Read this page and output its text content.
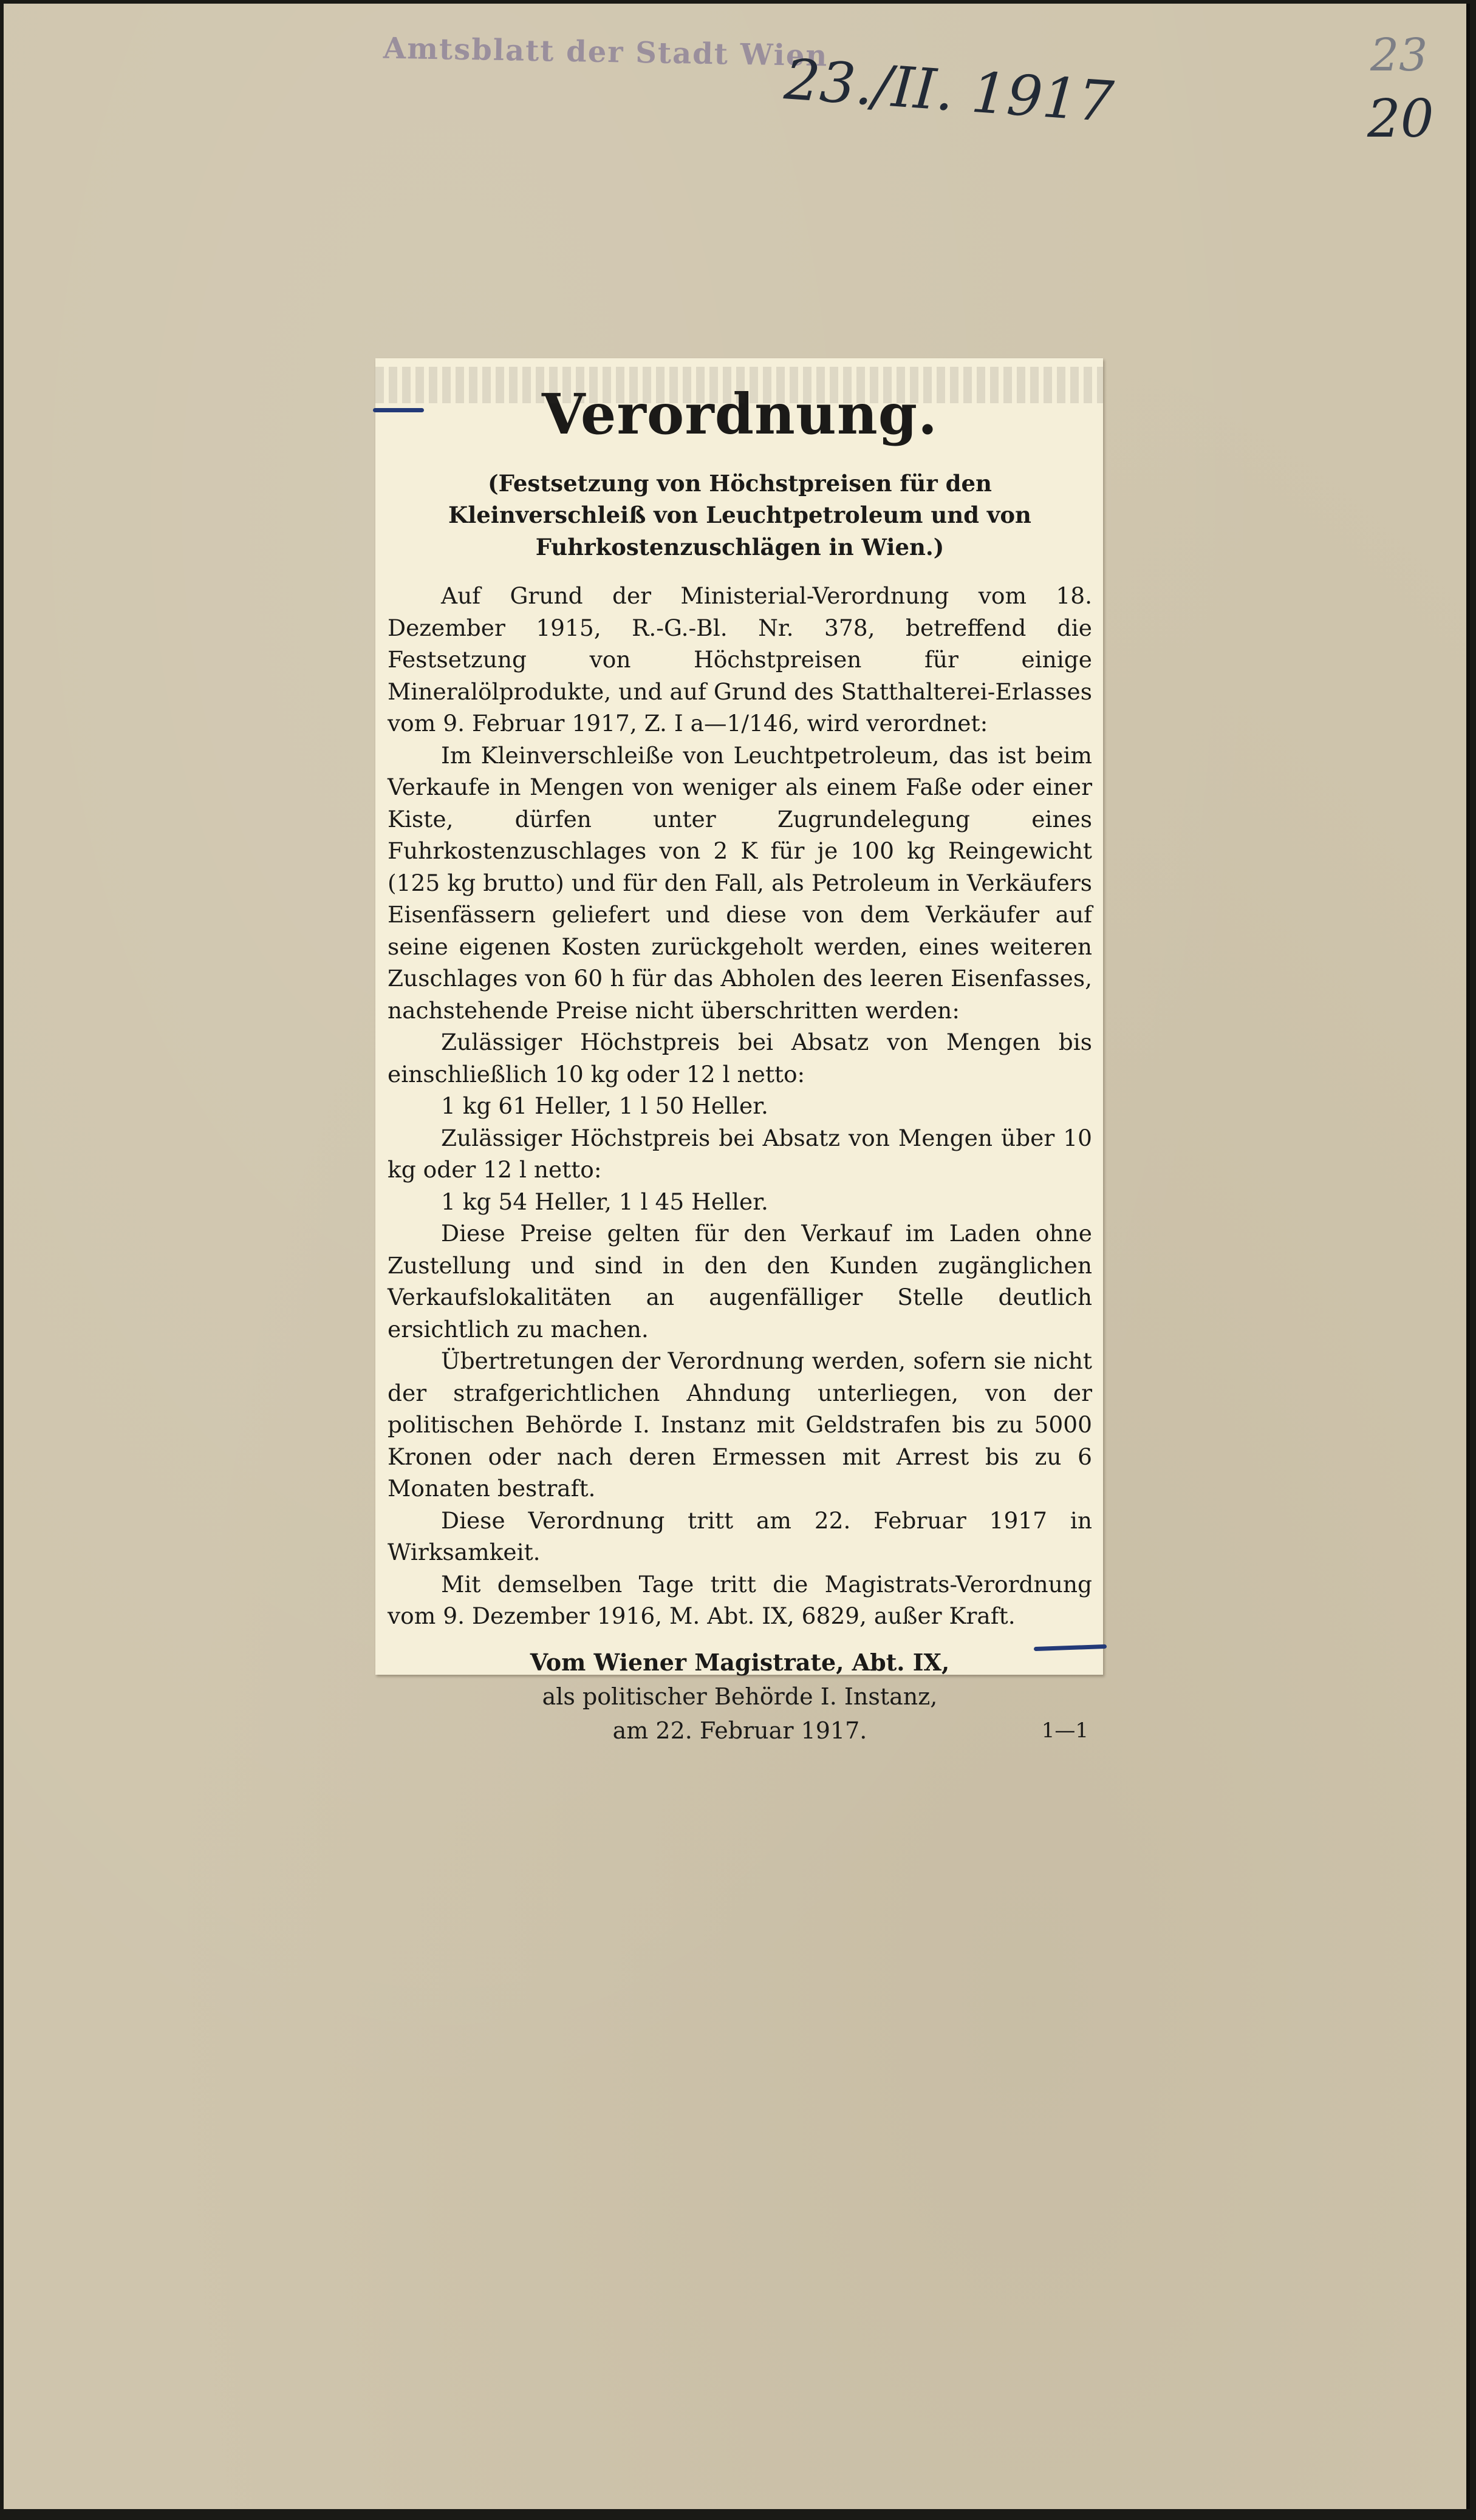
Amtsblatt der Stadt Wien
23./II. 1917	23
20
Verordnung.
(Festsetzung von Höchstpreisen für den Kleinverschleiß von Leuchtpetroleum und von Fuhrkostenzuschlägen in Wien.)

Auf Grund der Ministerial-Verordnung vom 18. Dezember 1915, R.-G.-Bl. Nr. 378, betreffend die Festsetzung von Höchstpreisen für einige Mineralölprodukte, und auf Grund des Statthalterei-Erlasses vom 9. Februar 1917, Z. I a—1/146, wird verordnet:

Im Kleinverschleiße von Leuchtpetroleum, das ist beim Verkaufe in Mengen von weniger als einem Faße oder einer Kiste, dürfen unter Zugrundelegung eines Fuhrkostenzuschlages von 2 K für je 100 kg Reingewicht (125 kg brutto) und für den Fall, als Petroleum in Verkäufers Eisenfässern geliefert und diese von dem Verkäufer auf seine eigenen Kosten zurückgeholt werden, eines weiteren Zuschlages von 60 h für das Abholen des leeren Eisenfasses, nachstehende Preise nicht überschritten werden:

Zulässiger Höchstpreis bei Absatz von Mengen bis einschließlich 10 kg oder 12 l netto:

1 kg 61 Heller, 1 l 50 Heller.

Zulässiger Höchstpreis bei Absatz von Mengen über 10 kg oder 12 l netto:

1 kg 54 Heller, 1 l 45 Heller.

Diese Preise gelten für den Verkauf im Laden ohne Zustellung und sind in den den Kunden zugänglichen Verkaufslokalitäten an augenfälliger Stelle deutlich ersichtlich zu machen.

Übertretungen der Verordnung werden, sofern sie nicht der strafgerichtlichen Ahndung unterliegen, von der politischen Behörde I. Instanz mit Geldstrafen bis zu 5000 Kronen oder nach deren Ermessen mit Arrest bis zu 6 Monaten bestraft.

Diese Verordnung tritt am 22. Februar 1917 in Wirksamkeit.

Mit demselben Tage tritt die Magistrats-Verordnung vom 9. Dezember 1916, M. Abt. IX, 6829, außer Kraft.

Vom Wiener Magistrate, Abt. IX,
als politischer Behörde I. Instanz,
am 22. Februar 1917.	1—1
